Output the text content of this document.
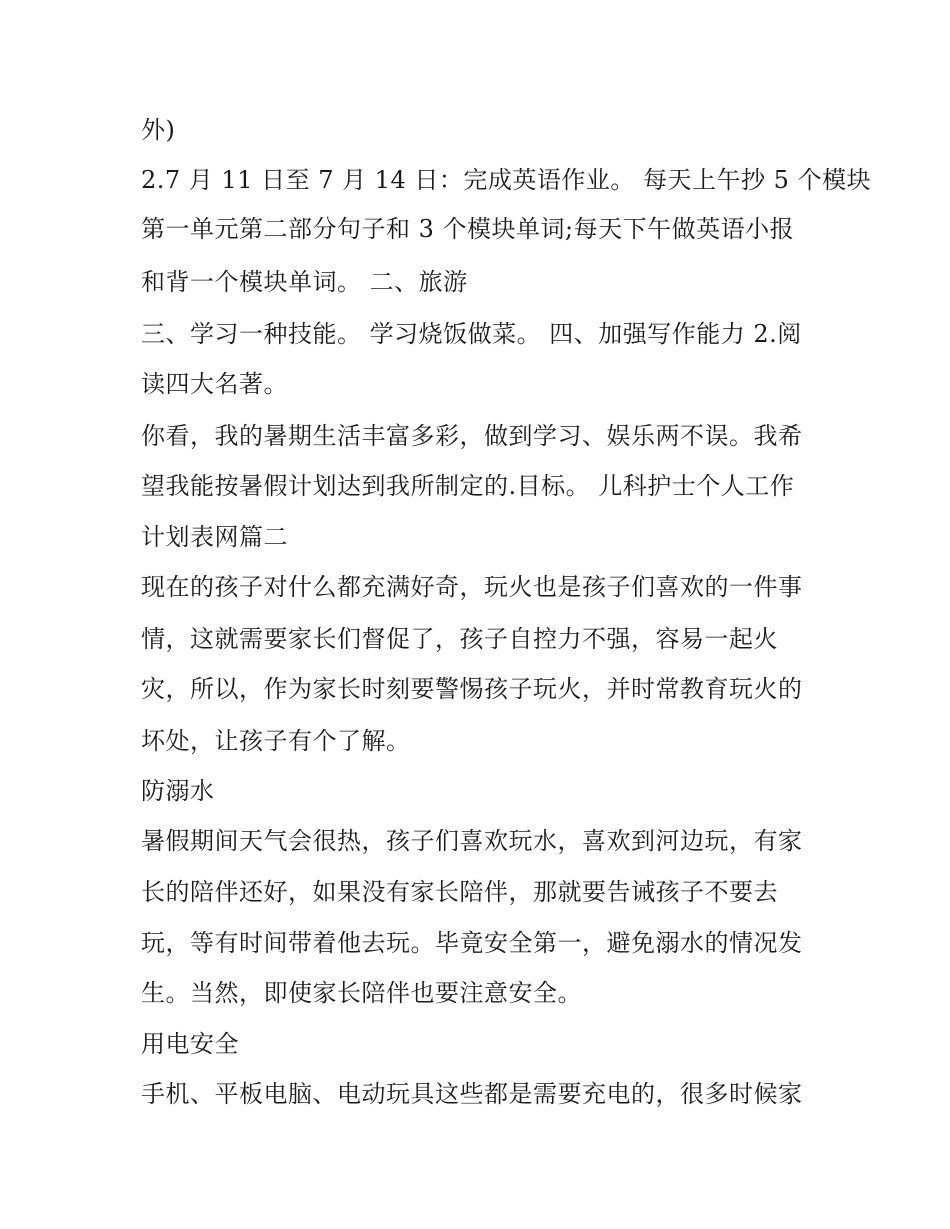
外)
2.7 月 11 日至 7 月 14 日：完成英语作业。 每天上午抄 5 个模块
第一单元第二部分句子和 3 个模块单词;每天下午做英语小报
和背一个模块单词。 二、旅游
三、学习一种技能。 学习烧饭做菜。 四、加强写作能力 2.阅
读四大名著。
你看，我的暑期生活丰富多彩，做到学习、娱乐两不误。我希
望我能按暑假计划达到我所制定的.目标。 儿科护士个人工作
计划表网篇二
现在的孩子对什么都充满好奇，玩火也是孩子们喜欢的一件事
情，这就需要家长们督促了，孩子自控力不强，容易一起火
灾，所以，作为家长时刻要警惕孩子玩火，并时常教育玩火的
坏处，让孩子有个了解。
防溺水
暑假期间天气会很热，孩子们喜欢玩水，喜欢到河边玩，有家
长的陪伴还好，如果没有家长陪伴，那就要告诫孩子不要去
玩，等有时间带着他去玩。毕竟安全第一，避免溺水的情况发
生。当然，即使家长陪伴也要注意安全。
用电安全
手机、平板电脑、电动玩具这些都是需要充电的，很多时候家
